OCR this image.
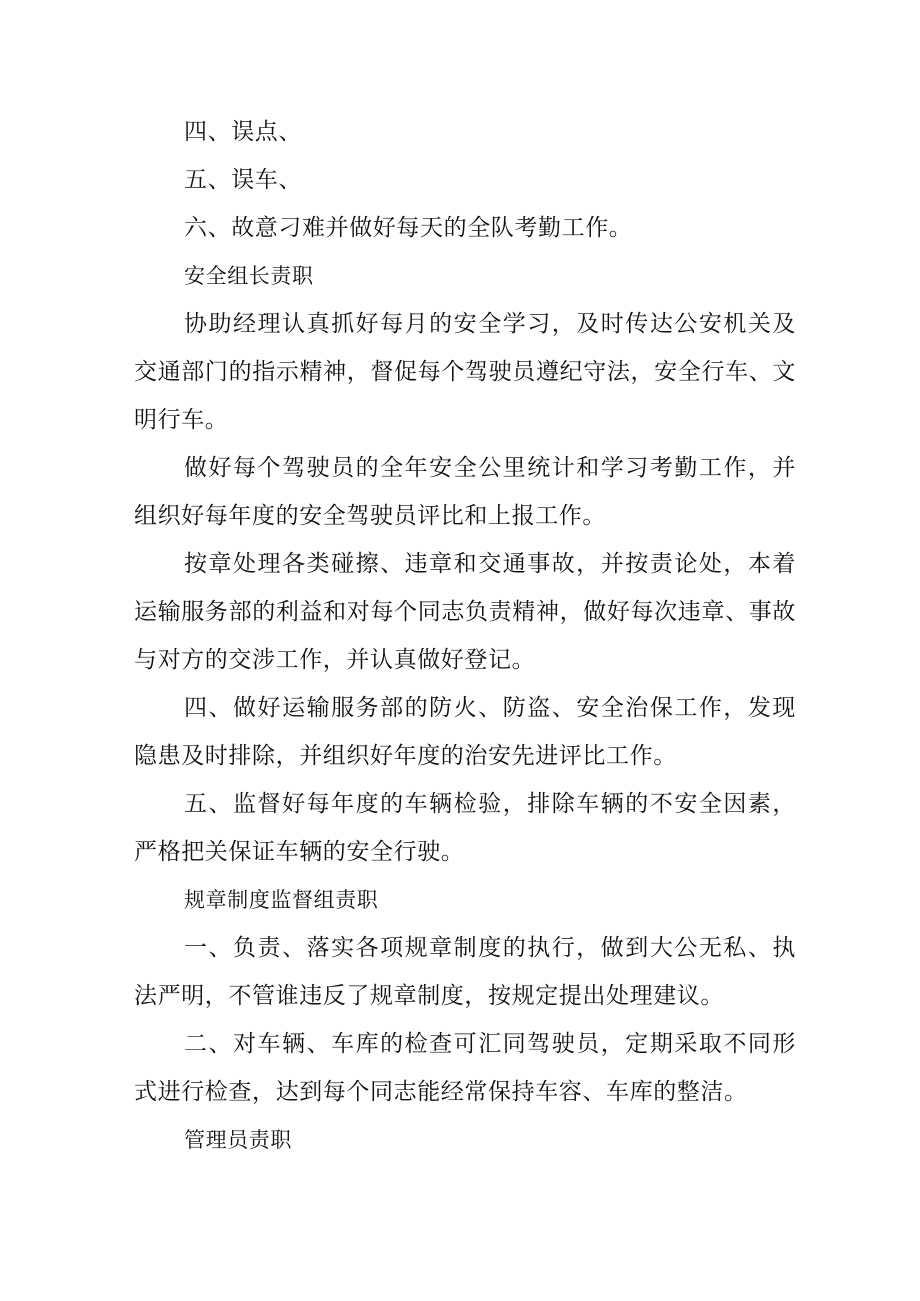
四、误点、

五、误车、

六、故意刁难并做好每天的全队考勤工作。

安全组长责职

协助经理认真抓好每月的安全学习，及时传达公安机关及交通部门的指示精神，督促每个驾驶员遵纪守法，安全行车、文明行车。

做好每个驾驶员的全年安全公里统计和学习考勤工作，并组织好每年度的安全驾驶员评比和上报工作。

按章处理各类碰擦、违章和交通事故，并按责论处，本着运输服务部的利益和对每个同志负责精神，做好每次违章、事故与对方的交涉工作，并认真做好登记。

四、做好运输服务部的防火、防盗、安全治保工作，发现隐患及时排除，并组织好年度的治安先进评比工作。

五、监督好每年度的车辆检验，排除车辆的不安全因素，严格把关保证车辆的安全行驶。

规章制度监督组责职

一、负责、落实各项规章制度的执行，做到大公无私、执法严明，不管谁违反了规章制度，按规定提出处理建议。

二、对车辆、车库的检查可汇同驾驶员，定期采取不同形式进行检查，达到每个同志能经常保持车容、车库的整洁。

管理员责职
